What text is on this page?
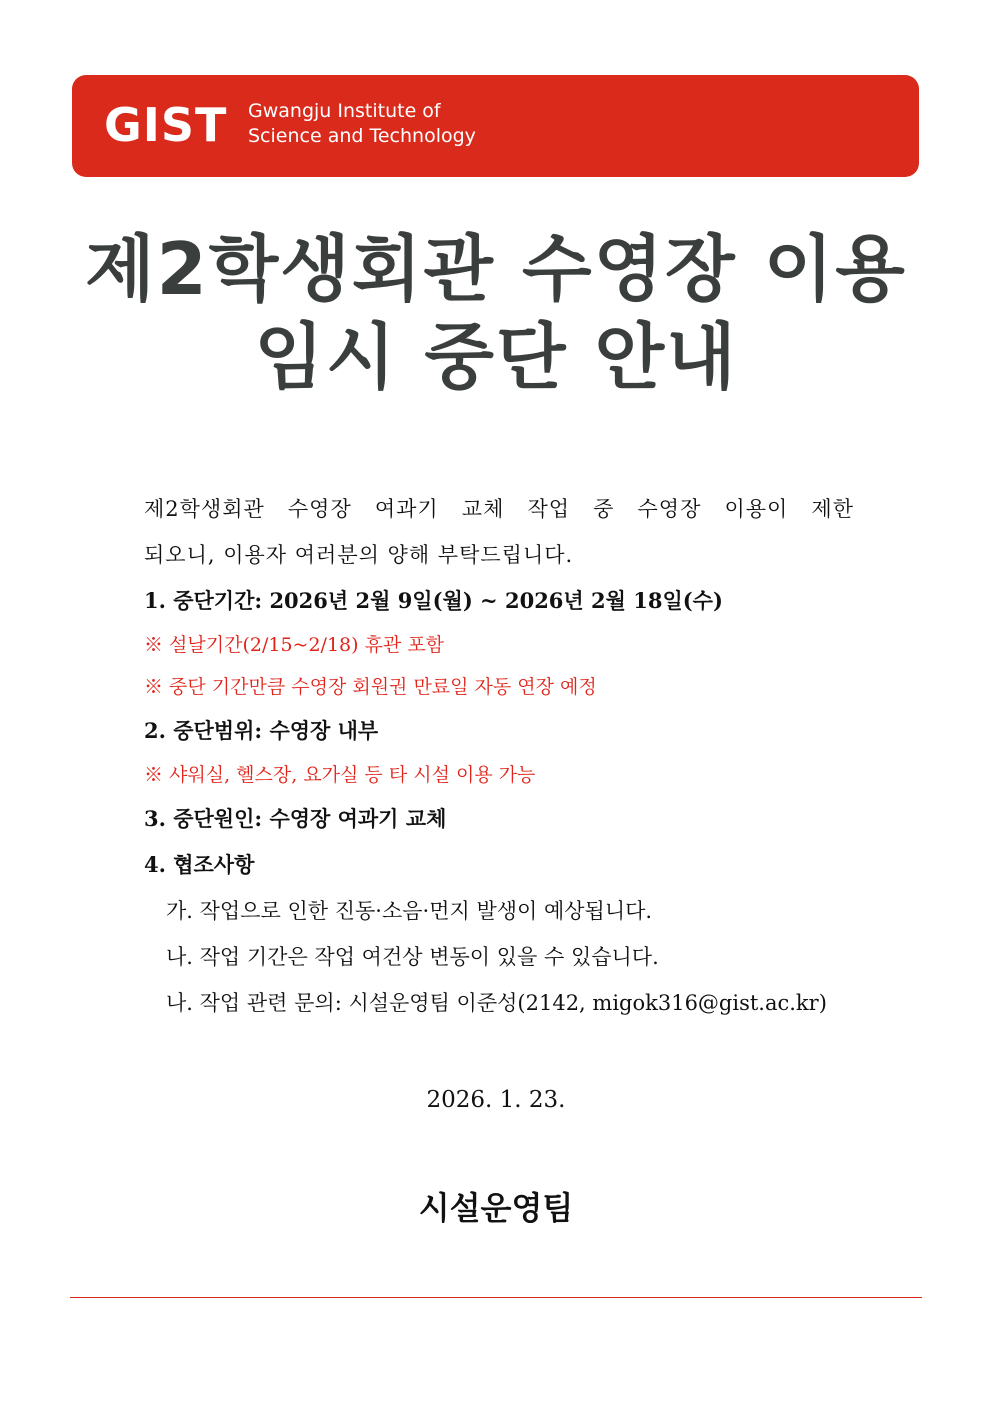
GIST Gwangju Institute of
Science and Technology
제2학생회관 수영장 이용
임시 중단 안내
제2학생회관 수영장 여과기 교체 작업 중 수영장 이용이 제한
되오니, 이용자 여러분의 양해 부탁드립니다.
1. 중단기간: 2026년 2월 9일(월) ~ 2026년 2월 18일(수)
※ 설날기간(2/15~2/18) 휴관 포함
※ 중단 기간만큼 수영장 회원권 만료일 자동 연장 예정
2. 중단범위: 수영장 내부
※ 샤워실, 헬스장, 요가실 등 타 시설 이용 가능
3. 중단원인: 수영장 여과기 교체
4. 협조사항
가. 작업으로 인한 진동·소음·먼지 발생이 예상됩니다.
나. 작업 기간은 작업 여건상 변동이 있을 수 있습니다.
나. 작업 관련 문의: 시설운영팀 이준성(2142, migok316@gist.ac.kr)
2026. 1. 23.
시설운영팀
